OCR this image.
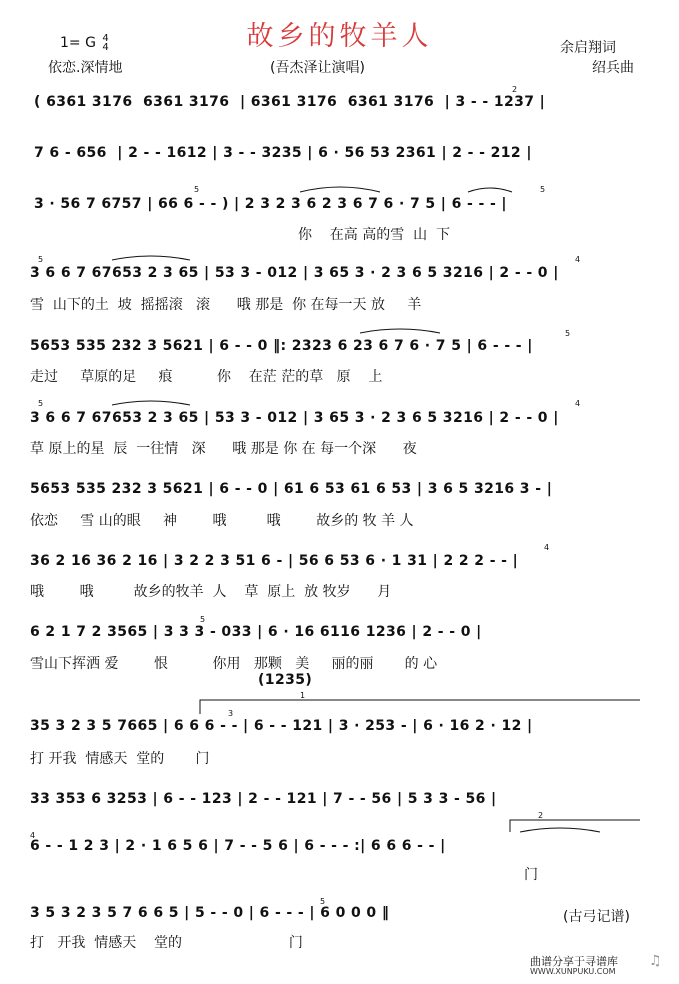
故乡的牧羊人
1= G 4
4
依恋.深情地	(吾杰泽让演唱)
余启翔词
绍兵曲
( 6361 3176  6361 3176  | 6361 3176  6361 3176  | 3 - - 1237 |
7 6 - 656  | 2 - - 1612 | 3 - - 3235 | 6 · 56 53 2361 | 2 - - 212 |
3 · 56 7 6757 | 66 6 - - ) | 2 3 2 3 6 2 3 6 7 6 · 7 5 | 6 - - - |
你    在高 高的雪  山  下
3 6 6 7 67653 2 3 65 | 53 3 - 012 | 3 65 3 · 2 3 6 5 3216 | 2 - - 0 |
雪  山下的土  坡  摇摇滚   滚      哦 那是  你 在每一天 放     羊
5653 535 232 3 5621 | 6 - - 0 ‖: 2323 6 23 6 7 6 · 7 5 | 6 - - - |
走过     草原的足     痕          你    在茫 茫的草   原    上
3 6 6 7 67653 2 3 65 | 53 3 - 012 | 3 65 3 · 2 3 6 5 3216 | 2 - - 0 |
草 原上的星  辰  一往情   深      哦 那是 你 在 每一个深      夜
5653 535 232 3 5621 | 6 - - 0 | 61 6 53 61 6 53 | 3 6 5 3216 3 - |
依恋     雪 山的眼     神        哦         哦        故乡的 牧 羊 人
36 2 16 36 2 16 | 3 2 2 3 51 6 - | 56 6 53 6 · 1 31 | 2 2 2 - - |
哦        哦         故乡的牧羊  人    草  原上  放 牧岁      月
6 2 1 7 2 3565 | 3 3 3 - 033 | 6 · 16 6116 1236 | 2 - - 0 |
雪山下挥洒 爱        恨          你用   那颗   美     丽的丽       的 心
(1235)
35 3 2 3 5 7665 | 6 6 6 - - | 6 - - 121 | 3 · 253 - | 6 · 16 2 · 12 |
打 开我  情感天  堂的       门
33 353 6 3253 | 6 - - 123 | 2 - - 121 | 7 - - 56 | 5 3 3 - 56 |
6 - - 1 2 3 | 2 · 1 6 5 6 | 7 - - 5 6 | 6 - - - :| 6 6 6 - - |
门
3 5 3 2 3 5 7 6 6 5 | 5 - - 0 | 6 - - - | 6 0 0 0 ‖
打   开我  情感天    堂的                        门
(古弓记谱)
2
5	5
5	4
5
4
5
4
5
3
4
5
1
2
曲谱分享于寻谱库
WWW.XUNPUKU.COM
♫
